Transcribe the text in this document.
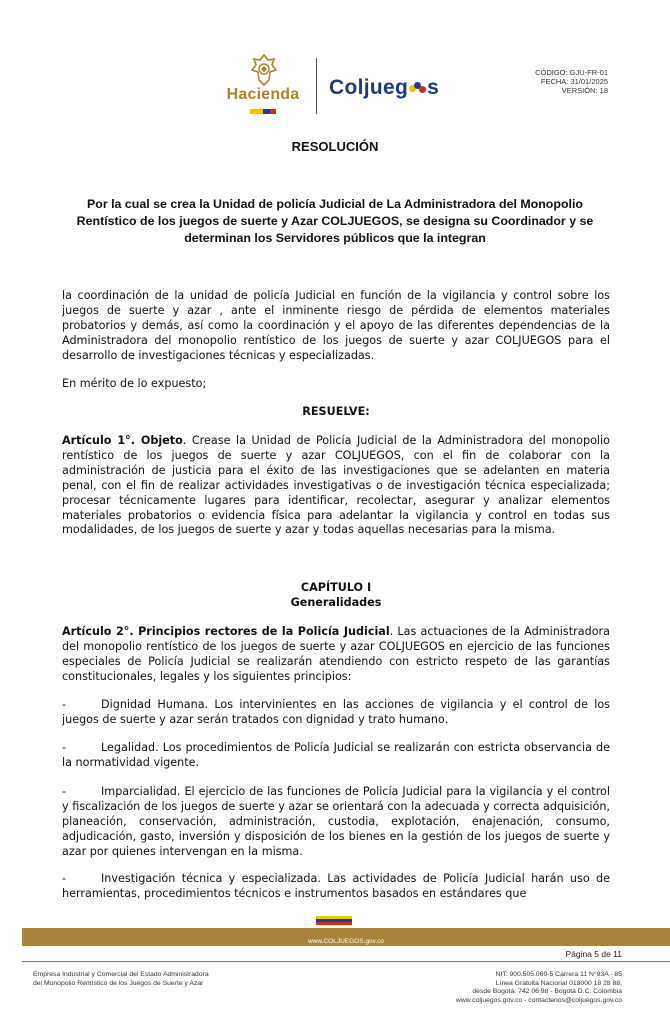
Hacienda Coljueg s
CÓDIGO: GJU-FR-01
FECHA: 31/01/2025
VERSIÓN: 18
RESOLUCIÓN
Por la cual se crea la Unidad de policía Judicial de La Administradora del Monopolio Rentístico de los juegos de suerte y Azar COLJUEGOS, se designa su Coordinador y se determinan los Servidores públicos que la integran
la coordinación de la unidad de policía Judicial en función de la vigilancia y control sobre los juegos de suerte y azar , ante el inminente riesgo de pérdida de elementos materiales probatorios y demás, así como la coordinación y el apoyo de las diferentes dependencias de la Administradora del monopolio rentístico de los juegos de suerte y azar COLJUEGOS para el desarrollo de investigaciones técnicas y especializadas.
En mérito de lo expuesto;
RESUELVE:
Artículo 1°. Objeto. Crease la Unidad de Policía Judicial de la Administradora del monopolio rentístico de los juegos de suerte y azar COLJUEGOS, con el fin de colaborar con la administración de justicia para el éxito de las investigaciones que se adelanten en materia penal, con el fin de realizar actividades investigativas o de investigación técnica especializada; procesar técnicamente lugares para identificar, recolectar, asegurar y analizar elementos materiales probatorios o evidencia física para adelantar la vigilancia y control en todas sus modalidades, de los juegos de suerte y azar y todas aquellas necesarias para la misma.
CAPÍTULO I
Generalidades
Artículo 2°. Principios rectores de la Policía Judicial. Las actuaciones de la Administradora del monopolio rentístico de los juegos de suerte y azar COLJUEGOS en ejercicio de las funciones especiales de Policía Judicial se realizarán atendiendo con estricto respeto de las garantías constitucionales, legales y los siguientes principios:
-	Dignidad Humana. Los intervinientes en las acciones de vigilancia y el control de los juegos de suerte y azar serán tratados con dignidad y trato humano.
-	Legalidad. Los procedimientos de Policía Judicial se realizarán con estricta observancia de la normatividad vigente.
-	Imparcialidad. El ejercicio de las funciones de Policía Judicial para la vigilancia y el control y fiscalización de los juegos de suerte y azar se orientará con la adecuada y correcta adquisición, planeación, conservación, administración, custodia, explotación, enajenación, consumo, adjudicación, gasto, inversión y disposición de los bienes en la gestión de los juegos de suerte y azar por quienes intervengan en la misma.
-	Investigación técnica y especializada. Las actividades de Policía Judicial harán uso de herramientas, procedimientos técnicos e instrumentos basados en estándares que
www.COLJUEGOS.gov.co
Página 5 de 11
Empresa Industrial y Comercial del Estado Administradora
del Monopolio Rentístico de los Juegos de Suerte y Azar
NIT: 900.505.060-5 Carrera 11 N°93A - 85
Línea Gratuita Nacional 018000 18 28 88,
desde Bogotá: 742 06 98 - Bogotá D.C. Colombia
www.coljuegos.gov.co - contactenos@coljuegos.gov.co
